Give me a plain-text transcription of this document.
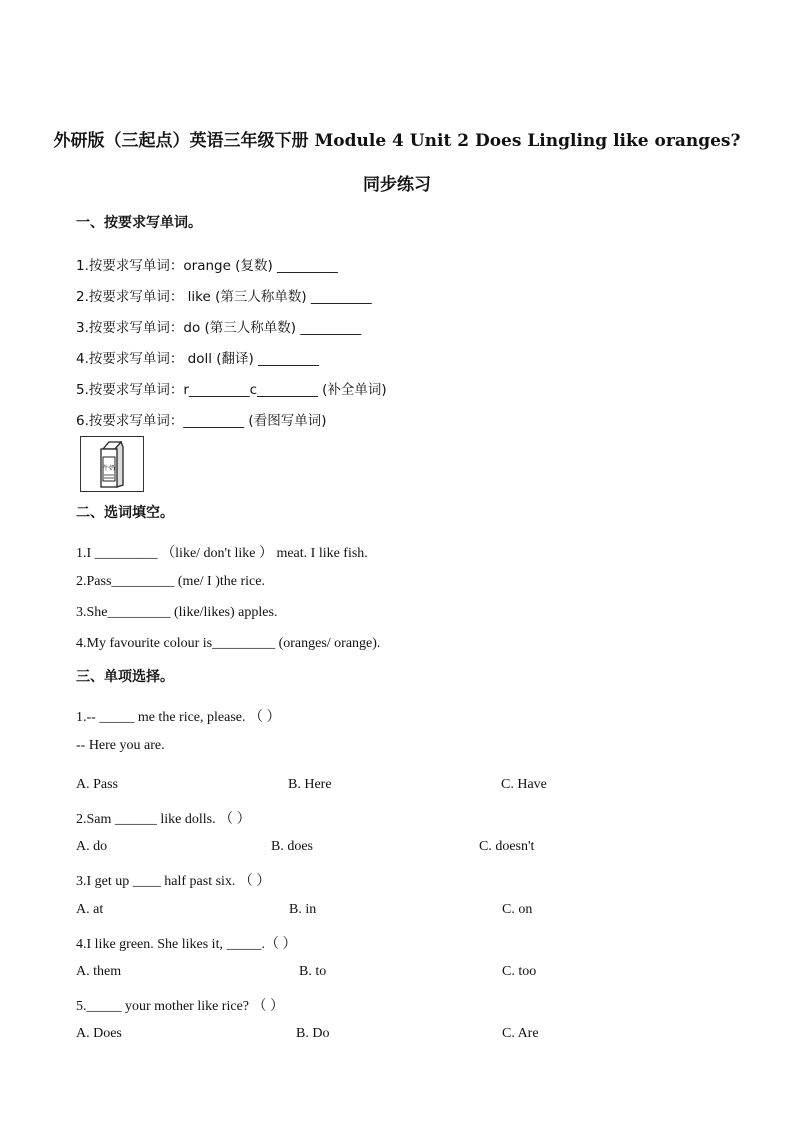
外研版（三起点）英语三年级下册 Module 4 Unit 2 Does Lingling like oranges?
同步练习
一、按要求写单词。
1.按要求写单词：orange (复数) _________
2.按要求写单词： like (第三人称单数) _________
3.按要求写单词：do (第三人称单数) _________
4.按要求写单词： doll (翻译) _________
5.按要求写单词：r_________c_________ (补全单词)
6.按要求写单词：_________ (看图写单词)
牛奶
二、选词填空。
1.I _________ （like/ don't like ） meat. I like fish.
2.Pass_________ (me/ I )the rice.
3.She_________ (like/likes) apples.
4.My favourite colour is_________ (oranges/ orange).
三、单项选择。
1.-- _____ me the rice, please. （ ）
-- Here you are.
A. Pass	B. Here	C. Have
2.Sam ______ like dolls. （ ）
A. do	B. does	C. doesn't
3.I get up ____ half past six. （ ）
A. at	B. in	C. on
4.I like green. She likes it, _____.（ ）
A. them	B. to	C. too
5._____ your mother like rice? （ ）
A. Does	B. Do	C. Are
